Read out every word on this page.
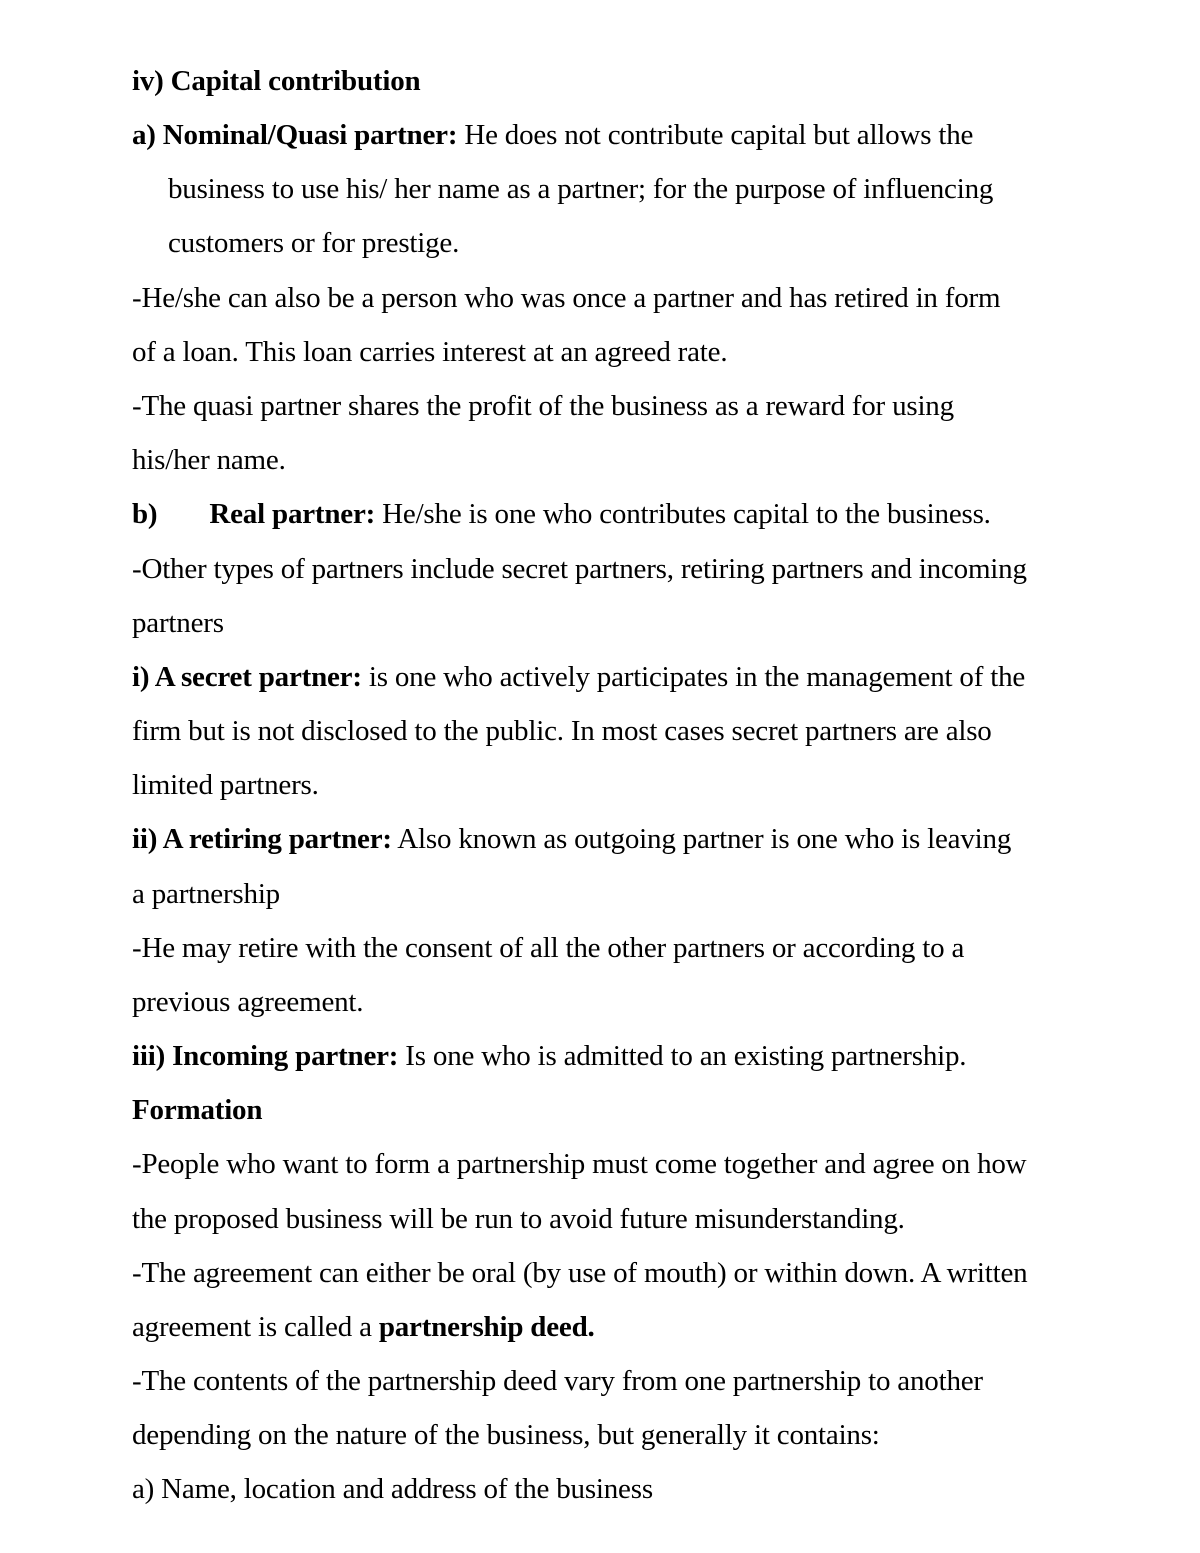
iv) Capital contribution
a) Nominal/Quasi partner: He does not contribute capital but allows the
business to use his/ her name as a partner; for the purpose of influencing
customers or for prestige.
-He/she can also be a person who was once a partner and has retired in form
of a loan. This loan carries interest at an agreed rate.
-The quasi partner shares the profit of the business as a reward for using
his/her name.
b) Real partner: He/she is one who contributes capital to the business.
-Other types of partners include secret partners, retiring partners and incoming
partners
i) A secret partner: is one who actively participates in the management of the
firm but is not disclosed to the public. In most cases secret partners are also
limited partners.
ii) A retiring partner: Also known as outgoing partner is one who is leaving
a partnership
-He may retire with the consent of all the other partners or according to a
previous agreement.
iii) Incoming partner: Is one who is admitted to an existing partnership.
Formation
-People who want to form a partnership must come together and agree on how
the proposed business will be run to avoid future misunderstanding.
-The agreement can either be oral (by use of mouth) or within down. A written
agreement is called a partnership deed.
-The contents of the partnership deed vary from one partnership to another
depending on the nature of the business, but generally it contains:
a) Name, location and address of the business
